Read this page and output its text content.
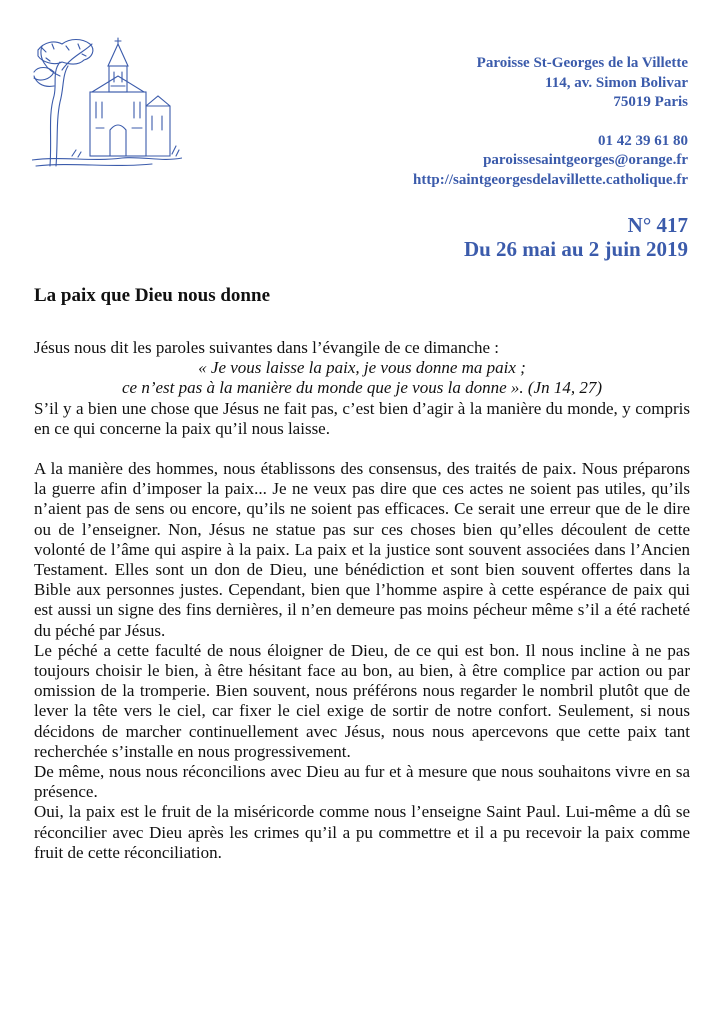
Paroisse St-Georges de la Villette
114, av. Simon Bolivar
75019 Paris
01 42 39 61 80
paroissesaintgeorges@orange.fr
http://saintgeorgesdelavillette.catholique.fr
N° 417
Du 26 mai au 2 juin 2019
La paix que Dieu nous donne

Jésus nous dit les paroles suivantes dans l’évangile de ce dimanche :

« Je vous laisse la paix, je vous donne ma paix ;

ce n’est pas à la manière du monde que je vous la donne ». (Jn 14, 27)

S’il y a bien une chose que Jésus ne fait pas, c’est bien d’agir à la manière du monde, y compris en ce qui concerne la paix qu’il nous laisse.

A la manière des hommes, nous établissons des consensus, des traités de paix. Nous préparons la guerre afin d’imposer la paix... Je ne veux pas dire que ces actes ne soient pas utiles, qu’ils n’aient pas de sens ou encore, qu’ils ne soient pas efficaces. Ce serait une erreur que de le dire ou de l’enseigner. Non, Jésus ne statue pas sur ces choses bien qu’elles découlent de cette volonté de l’âme qui aspire à la paix. La paix et la justice sont souvent associées dans l’Ancien Testament. Elles sont un don de Dieu, une bénédiction et sont bien souvent offertes dans la Bible aux personnes justes. Cependant, bien que l’homme aspire à cette espérance de paix qui est aussi un signe des fins dernières, il n’en demeure pas moins pécheur même s’il a été racheté du péché par Jésus.

Le péché a cette faculté de nous éloigner de Dieu, de ce qui est bon. Il nous incline à ne pas toujours choisir le bien, à être hésitant face au bon, au bien, à être complice par action ou par omission de la tromperie. Bien souvent, nous préférons nous regarder le nombril plutôt que de lever la tête vers le ciel, car fixer le ciel exige de sortir de notre confort. Seulement, si nous décidons de marcher continuellement avec Jésus, nous nous apercevons que cette paix tant recherchée s’installe en nous progressivement.

De même, nous nous réconcilions avec Dieu au fur et à mesure que nous souhaitons vivre en sa présence.

Oui, la paix est le fruit de la miséricorde comme nous l’enseigne Saint Paul. Lui-même a dû se réconcilier avec Dieu après les crimes qu’il a pu commettre et il a pu recevoir la paix comme fruit de cette réconciliation.
